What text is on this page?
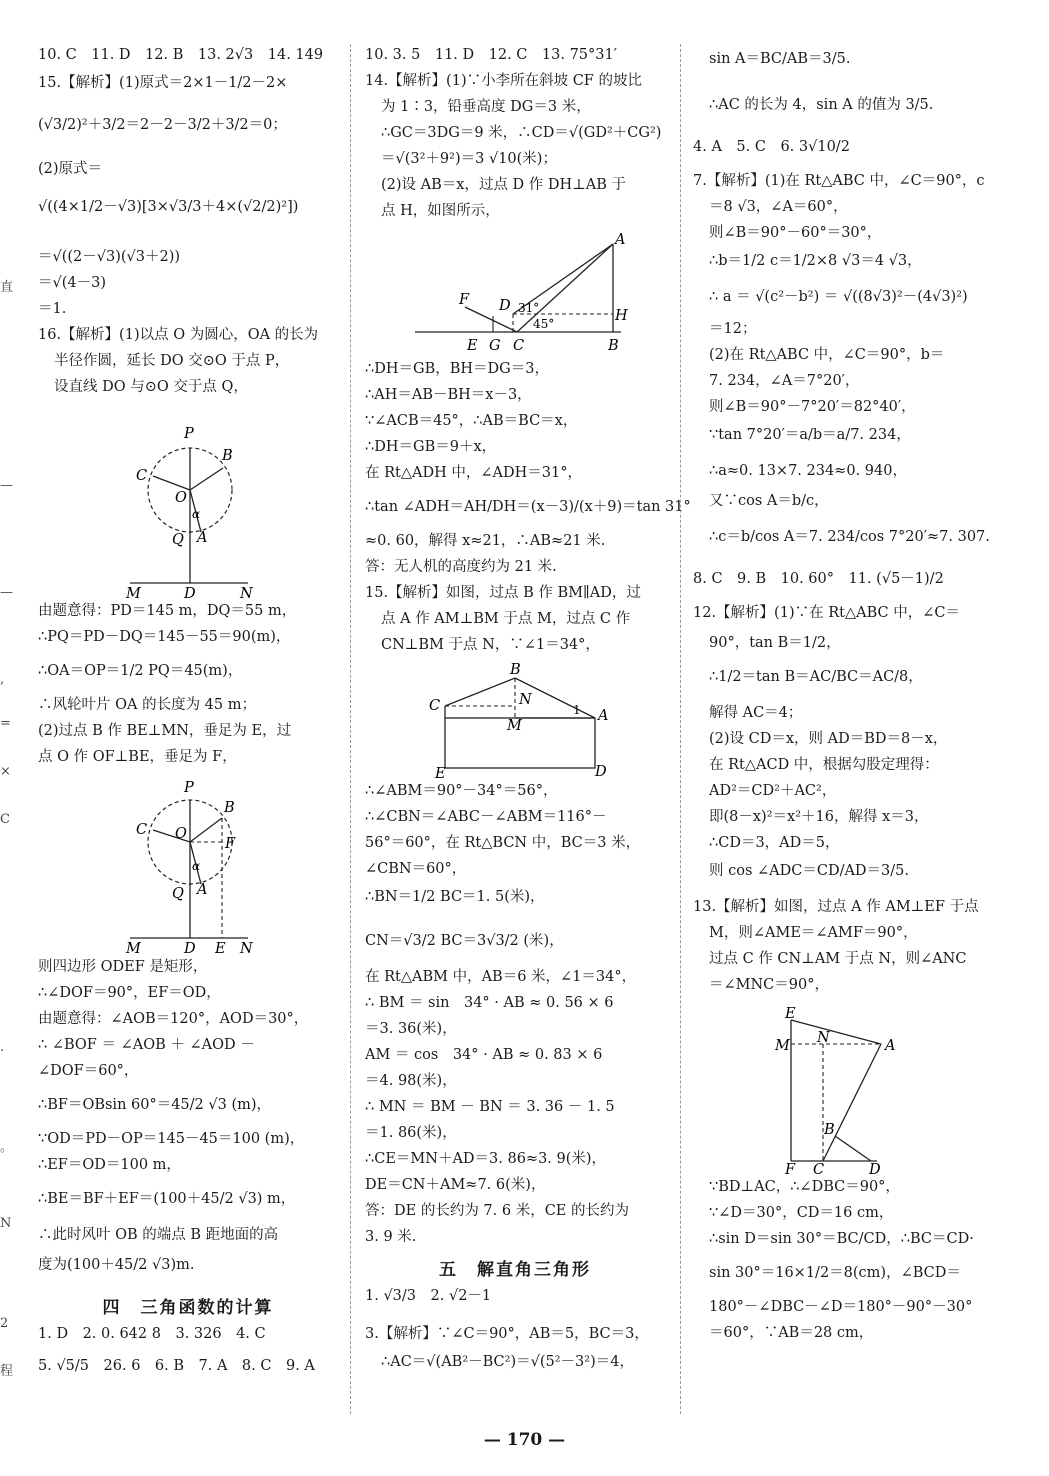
直
—
—
,
=
×
C
.
。
N
2
程

10. C　11. D　12. B　13. 2√3　14. 149

15.【解析】(1)原式＝2×1－1/2－2×

(√3/2)²＋3/2＝2－2－3/2＋3/2＝0；

(2)原式＝

√((4×1/2－√3)[3×√3/3＋4×(√2/2)²])

＝√((2－√3)(√3＋2))

＝√(4－3)

＝1.

16.【解析】(1)以点 O 为圆心，OA 的长为

半径作圆，延长 DO 交⊙O 于点 P，

设直线 DO 与⊙O 交于点 Q，

P
B
C
O
α
Q A
M	D	N

由题意得：PD＝145 m，DQ＝55 m，

∴PQ＝PD－DQ＝145－55＝90(m)，

∴OA＝OP＝1/2 PQ＝45(m)，

∴风轮叶片 OA 的长度为 45 m；

(2)过点 B 作 BE⊥MN，垂足为 E，过

点 O 作 OF⊥BE，垂足为 F，

P
B
C O
F
α
Q A
M	D E N

则四边形 ODEF 是矩形，

∴∠DOF＝90°，EF＝OD，

由题意得：∠AOB＝120°，AOD＝30°，

∴ ∠BOF ＝ ∠AOB ＋ ∠AOD －

∠DOF＝60°，

∴BF＝OBsin 60°＝45/2 √3 (m)，

∵OD＝PD－OP＝145－45＝100 (m)，

∴EF＝OD＝100 m，

∴BE＝BF＋EF＝(100＋45/2 √3) m，

∴此时风叶 OB 的端点 B 距地面的高

度为(100＋45/2 √3)m.

四　三角函数的计算

1. D　2. 0. 642 8　3. 326　4. C

5. √5/5　26. 6　6. B　7. A　8. C　9. A

10. 3. 5　11. D　12. C　13. 75°31′

14.【解析】(1)∵小李所在斜坡 CF 的坡比

为 1∶3，铅垂高度 DG＝3 米，

∴GC＝3DG＝9 米，∴CD＝√(GD²＋CG²)

＝√(3²＋9²)＝3 √10(米)；

(2)设 AB＝x，过点 D 作 DH⊥AB 于

点 H，如图所示，

A
F D 31°
45°	H
E G C	B

∴DH＝GB，BH＝DG＝3，

∴AH＝AB－BH＝x－3，

∵∠ACB＝45°，∴AB＝BC＝x，

∴DH＝GB＝9＋x，

在 Rt△ADH 中，∠ADH＝31°，

∴tan ∠ADH＝AH/DH＝(x－3)/(x＋9)＝tan 31°

≈0. 60，解得 x≈21，∴AB≈21 米.

答：无人机的高度约为 21 米.

15.【解析】如图，过点 B 作 BM∥AD，过

点 A 作 AM⊥BM 于点 M，过点 C 作

CN⊥BM 于点 N，∵∠1＝34°，

B
C	N
1 A
M
E	D

∴∠ABM＝90°－34°＝56°，

∴∠CBN＝∠ABC－∠ABM＝116°－

56°＝60°，在 Rt△BCN 中，BC＝3 米，

∠CBN＝60°，

∴BN＝1/2 BC＝1. 5(米)，

CN＝√3/2 BC＝3√3/2 (米)，

在 Rt△ABM 中，AB＝6 米，∠1＝34°，

∴ BM ＝ sin　34° · AB ≈ 0. 56 × 6

＝3. 36(米)，

AM ＝ cos　34° · AB ≈ 0. 83 × 6

＝4. 98(米)，

∴ MN ＝ BM － BN ＝ 3. 36 － 1. 5

＝1. 86(米)，

∴CE＝MN＋AD＝3. 86≈3. 9(米)，

DE＝CN＋AM≈7. 6(米)，

答：DE 的长约为 7. 6 米，CE 的长约为

3. 9 米.

五　解直角三角形

1. √3/3　2. √2－1

3.【解析】∵∠C＝90°，AB＝5，BC＝3，

∴AC＝√(AB²－BC²)＝√(5²－3²)＝4，

sin A＝BC/AB＝3/5.

∴AC 的长为 4，sin A 的值为 3/5.

4. A　5. C　6. 3√10/2

7.【解析】(1)在 Rt△ABC 中，∠C＝90°，c

＝8 √3，∠A＝60°，

则∠B＝90°－60°＝30°，

∴b＝1/2 c＝1/2×8 √3＝4 √3，

∴ a ＝ √(c²－b²) ＝ √((8√3)²－(4√3)²)

＝12；

(2)在 Rt△ABC 中，∠C＝90°，b＝

7. 234，∠A＝7°20′，

则∠B＝90°－7°20′＝82°40′，

∵tan 7°20′＝a/b＝a/7. 234，

∴a≈0. 13×7. 234≈0. 940，

又∵cos A＝b/c，

∴c＝b/cos A＝7. 234/cos 7°20′≈7. 307.

8. C　9. B　10. 60°　11. (√5－1)/2

12.【解析】(1)∵在 Rt△ABC 中，∠C＝

90°，tan B＝1/2，

∴1/2＝tan B＝AC/BC＝AC/8，

解得 AC＝4；

(2)设 CD＝x，则 AD＝BD＝8－x，

在 Rt△ACD 中，根据勾股定理得：

AD²＝CD²＋AC²，

即(8－x)²＝x²＋16，解得 x＝3，

∴CD＝3，AD＝5，

则 cos ∠ADC＝CD/AD＝3/5.

13.【解析】如图，过点 A 作 AM⊥EF 于点

M，则∠AME＝∠AMF＝90°，

过点 C 作 CN⊥AM 于点 N，则∠ANC

＝∠MNC＝90°，

E
M N	A
B
F C	D

∵BD⊥AC，∴∠DBC＝90°，

∵∠D＝30°，CD＝16 cm，

∴sin D＝sin 30°＝BC/CD，∴BC＝CD·

sin 30°＝16×1/2＝8(cm)，∠BCD＝

180°－∠DBC－∠D＝180°－90°－30°

＝60°，∵AB＝28 cm，

— 170 —
